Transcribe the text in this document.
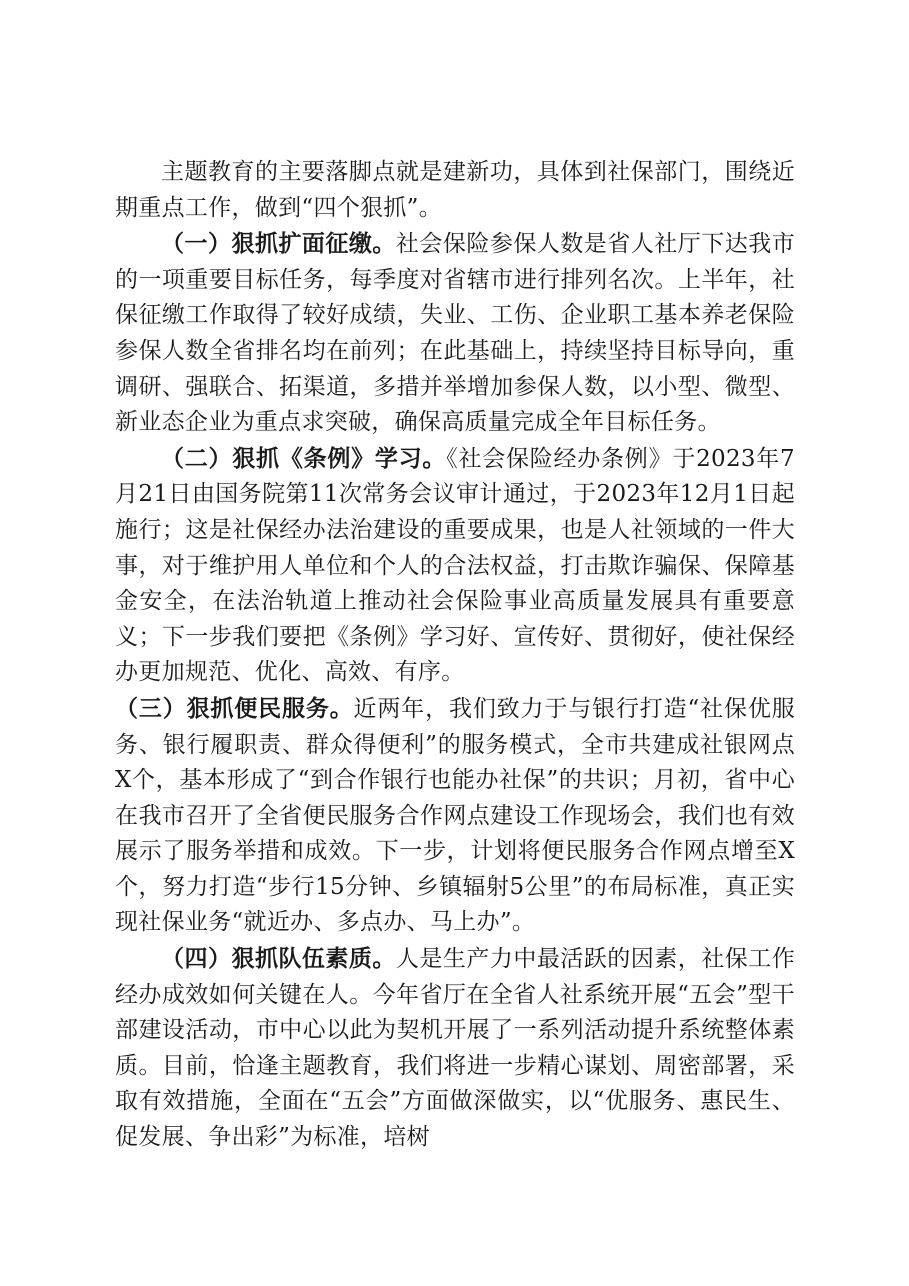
主题教育的主要落脚点就是建新功，具体到社保部门，围绕近期重点工作，做到“四个狠抓”。

（一）狠抓扩面征缴。社会保险参保人数是省人社厅下达我市的一项重要目标任务，每季度对省辖市进行排列名次。上半年，社保征缴工作取得了较好成绩，失业、工伤、企业职工基本养老保险参保人数全省排名均在前列；在此基础上，持续坚持目标导向，重调研、强联合、拓渠道，多措并举增加参保人数，以小型、微型、新业态企业为重点求突破，确保高质量完成全年目标任务。

（二）狠抓《条例》学习。《社会保险经办条例》于2023年7月21日由国务院第11次常务会议审计通过，于2023年12月1日起施行；这是社保经办法治建设的重要成果，也是人社领域的一件大事，对于维护用人单位和个人的合法权益，打击欺诈骗保、保障基金安全，在法治轨道上推动社会保险事业高质量发展具有重要意义；下一步我们要把《条例》学习好、宣传好、贯彻好，使社保经办更加规范、优化、高效、有序。

（三）狠抓便民服务。近两年，我们致力于与银行打造“社保优服务、银行履职责、群众得便利”的服务模式，全市共建成社银网点X个，基本形成了“到合作银行也能办社保”的共识；月初，省中心在我市召开了全省便民服务合作网点建设工作现场会，我们也有效展示了服务举措和成效。下一步，计划将便民服务合作网点增至X个，努力打造“步行15分钟、乡镇辐射5公里”的布局标准，真正实现社保业务“就近办、多点办、马上办”。

（四）狠抓队伍素质。人是生产力中最活跃的因素，社保工作经办成效如何关键在人。今年省厅在全省人社系统开展“五会”型干部建设活动，市中心以此为契机开展了一系列活动提升系统整体素质。目前，恰逢主题教育，我们将进一步精心谋划、周密部署，采取有效措施，全面在“五会”方面做深做实，以“优服务、惠民生、促发展、争出彩”为标准，培树
